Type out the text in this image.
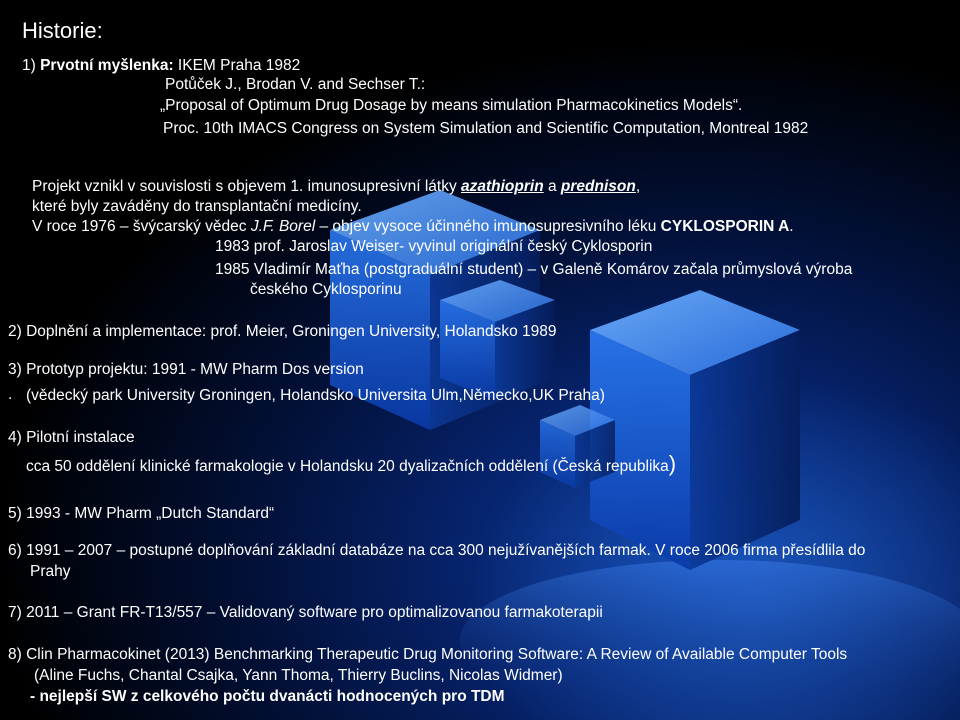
Historie:
1) Prvotní myšlenka: IKEM Praha 1982
Potůček J., Brodan V. and Sechser T.:
„Proposal of Optimum Drug Dosage by means simulation Pharmacokinetics Models“.
Proc. 10th IMACS Congress on System Simulation and Scientific Computation, Montreal 1982
Projekt vznikl v souvislosti s objevem 1. imunosupresivní látky azathioprin a prednison,
které byly zaváděny do transplantační medicíny.
V roce 1976 – švýcarský vědec J.F. Borel – objev vysoce účinného imunosupresivního léku CYKLOSPORIN A.
1983 prof. Jaroslav Weiser- vyvinul originální český Cyklosporin
1985 Vladimír Maťha (postgraduální student) – v Galeně Komárov začala průmyslová výroba
českého Cyklosporinu
2) Doplnění a implementace: prof. Meier, Groningen University, Holandsko 1989
3) Prototyp projektu: 1991 - MW Pharm Dos version
. (vědecký park University Groningen, Holandsko Universita Ulm,Německo,UK Praha)
4) Pilotní instalace
cca 50 oddělení klinické farmakologie v Holandsku 20 dyalizačních oddělení (Česká republika)
5) 1993 - MW Pharm „Dutch Standard“
6) 1991 – 2007 – postupné doplňování základní databáze na cca 300 nejužívanějších farmak. V roce 2006 firma přesídlila do
Prahy
7) 2011 – Grant FR-T13/557 – Validovaný software pro optimalizovanou farmakoterapii
8) Clin Pharmacokinet (2013) Benchmarking Therapeutic Drug Monitoring Software: A Review of Available Computer Tools
(Aline Fuchs, Chantal Csajka, Yann Thoma, Thierry Buclins, Nicolas Widmer)
- nejlepší SW z celkového počtu dvanácti hodnocených pro TDM
